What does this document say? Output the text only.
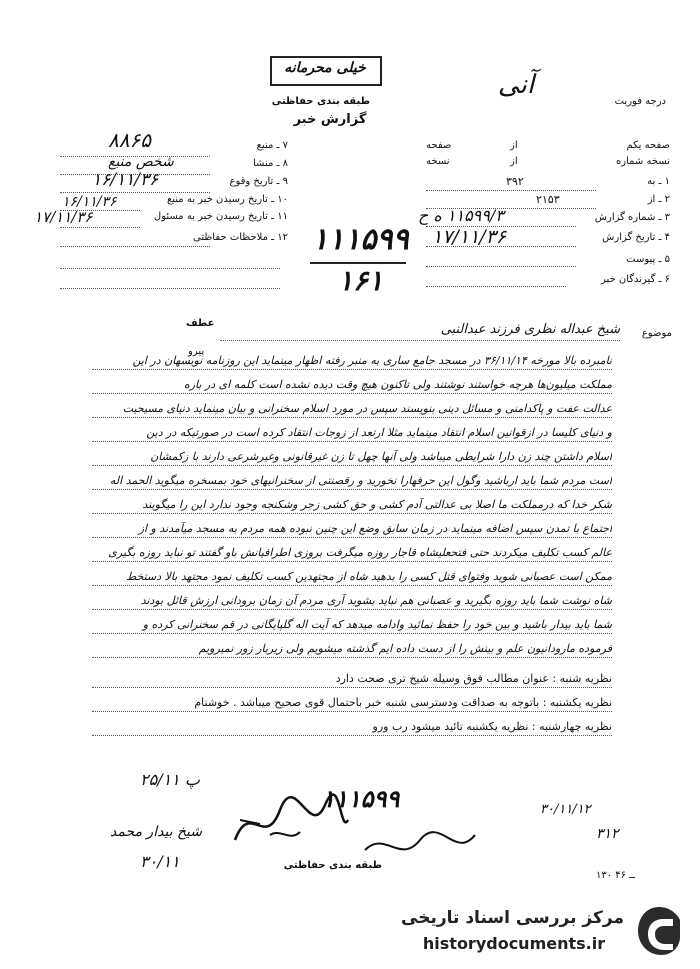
خیلی محرمانه
طبقه بندی حفاظتی
گزارش خبر
درجه فوریت
آنی
۷ ـ منبع
۸۸۶۵
۸ ـ منشا
شخص منبع
۹ ـ تاریخ وقوع
۱۶/۱۱/۳۶
۱۰ ـ تاریخ رسیدن خبر به منبع
۱۶/۱۱/۳۶
۱۱ ـ تاریخ رسیدن خبر به مسئول
۱۷/۱۱/۳۶
۱۲ ـ ملاحظات حفاظتی	۱۱۱۵۹۹
۱۶۱
صفحه یکم
از
صفحه
نسخه شماره
از
نسخه
۱ ـ به
۳۹۲
۲ ـ از
۲۱۵۳
۳ ـ شماره گزارش
۱۱۵۹۹/۳ ه ح
۴ ـ تاریخ گزارش
۱۷/۱۱/۳۶
۵ ـ پیوست
۶ ـ گیرندگان خبر
موضوع
شیخ عبداله نظری فرزند عبدالنبی
عطف
پیرو
نامبرده بالا مورخه ۳۶/۱۱/۱۴ در مسجد جامع ساری به منبر رفته اظهار مینماید این روزنامه نویسهان در این
مملکت میلیون‌ها هرچه خواستند نوشتند ولی تاکنون هیچ وقت دیده نشده است کلمه ای در باره
عدالت عفت و پاکدامنی و مسائل دینی بنویسند سپس در مورد اسلام سخنرانی و بیان مینماید دنیای مسیحیت
و دنیای کلیسا در ازقوانین اسلام انتقاد مینماید مثلا ارتعد از زوجات انتقاد کرده است در صورتیکه در دین
اسلام داشتن چند زن دارا شرایطی میباشد ولی آنها چهل تا زن غیرقانونی وغیرشرعی دارند با زکمشان
است مردم شما باید ارباشید وگول این حرفهارا نخورید و رقصنتی از سخنرانیهای خود بمسخره میگوید الحمد اله
شکر خدا که درمملکت ما اصلا بی عدالتی آدم کشی و حق کشی زجر وشکنجه وجود ندارد این را میگویند
اجتماع با تمدن سپس اضافه مینماید در زمان سابق وضع این چنین نبوده همه مردم به مسجد میآمدند و از
عالم کسب تکلیف میکردند حتی فتحعلیشاه قاجار روزه میگرفت بروزی اطرافیانش باو گفتند تو نباید روزه بگیری
ممکن است عصبانی شوید وفتوای قتل کسی را بدهید شاه از مجتهدین کسب تکلیف نمود مجتهد بالا دستخط
شاه نوشت شما باید روزه بگیرید و عصبانی هم نباید بشوید آری مردم آن زمان برودانی ارزش قائل بودند
شما باید بیدار باشید و بین خود را حفظ نمائید وادامه میدهد که آیت اله گلپایگانی در قم سخنرانی کرده و
فرموده مارودانیون علم و بینش را از دست داده ایم گذشته میشویم ولی زیربار زور نمیرویم
نظریه شنبه : عنوان مطالب فوق وسیله شیخ تری صحت دارد
نظریه یکشنبه : باتوجه به صداقت ودسترسی شنبه خبر باحتمال قوی صحیح میباشد . خوشنام
نظریه چهارشنبه : نظریه یکشنبه تائید میشود رب ورو
پ ۲۵/۱۱
شیخ بیدار محمد
۳۰/۱۱
۱۱۱۵۹۹	۳۰/۱۱/۱۲
۳۱۲
طبقه بندی حفاظتی
۱۳۰ ــ ۴۶
مرکز بررسی اسناد تاریخی
historydocuments.ir
